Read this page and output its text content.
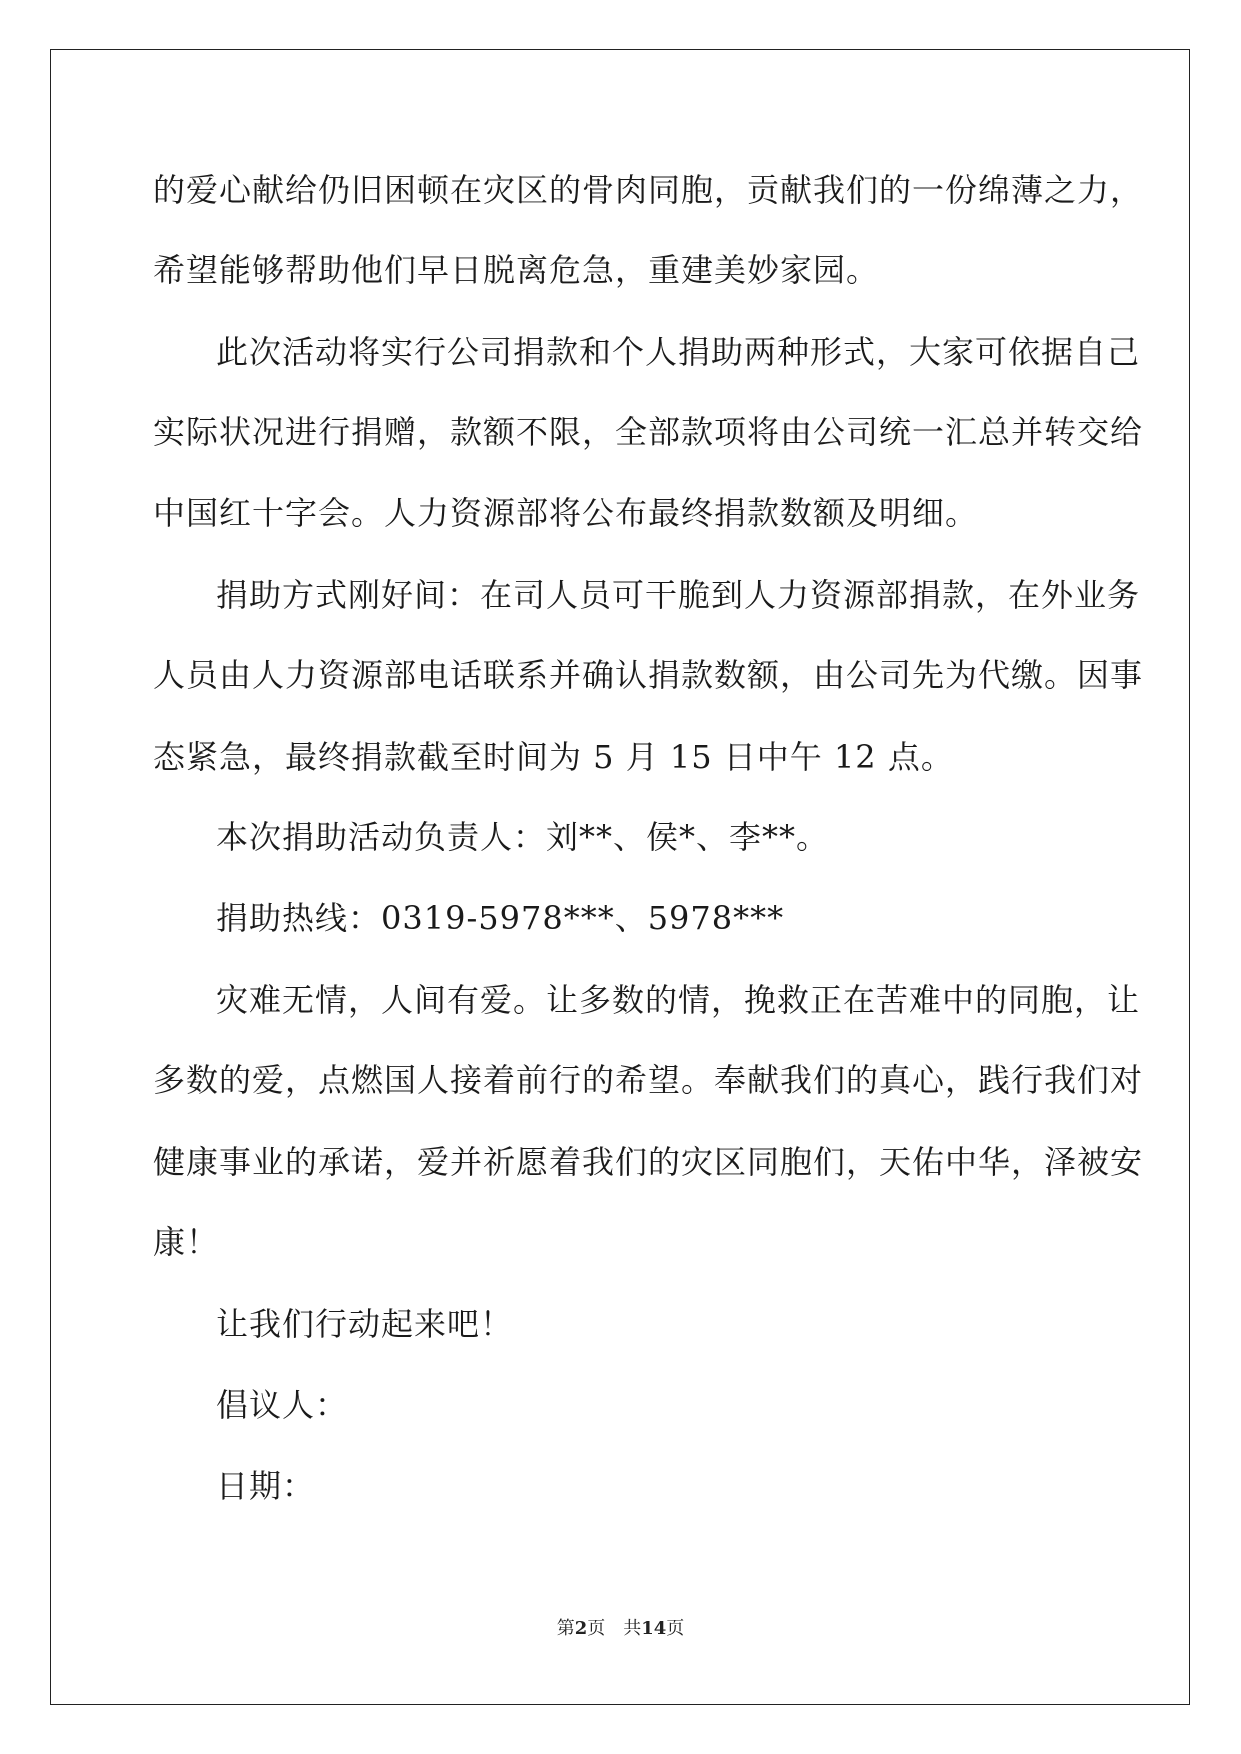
的爱心献给仍旧困顿在灾区的骨肉同胞，贡献我们的一份绵薄之力，
希望能够帮助他们早日脱离危急，重建美妙家园。
此次活动将实行公司捐款和个人捐助两种形式，大家可依据自己
实际状况进行捐赠，款额不限，全部款项将由公司统一汇总并转交给
中国红十字会。人力资源部将公布最终捐款数额及明细。
捐助方式刚好间：在司人员可干脆到人力资源部捐款，在外业务
人员由人力资源部电话联系并确认捐款数额，由公司先为代缴。因事
态紧急，最终捐款截至时间为 5 月 15 日中午 12 点。
本次捐助活动负责人：刘**、侯*、李**。
捐助热线：0319-5978***、5978***
灾难无情，人间有爱。让多数的情，挽救正在苦难中的同胞，让
多数的爱，点燃国人接着前行的希望。奉献我们的真心，践行我们对
健康事业的承诺，爱并祈愿着我们的灾区同胞们，天佑中华，泽被安
康！
让我们行动起来吧！
倡议人：
日期：
第2页 共14页
